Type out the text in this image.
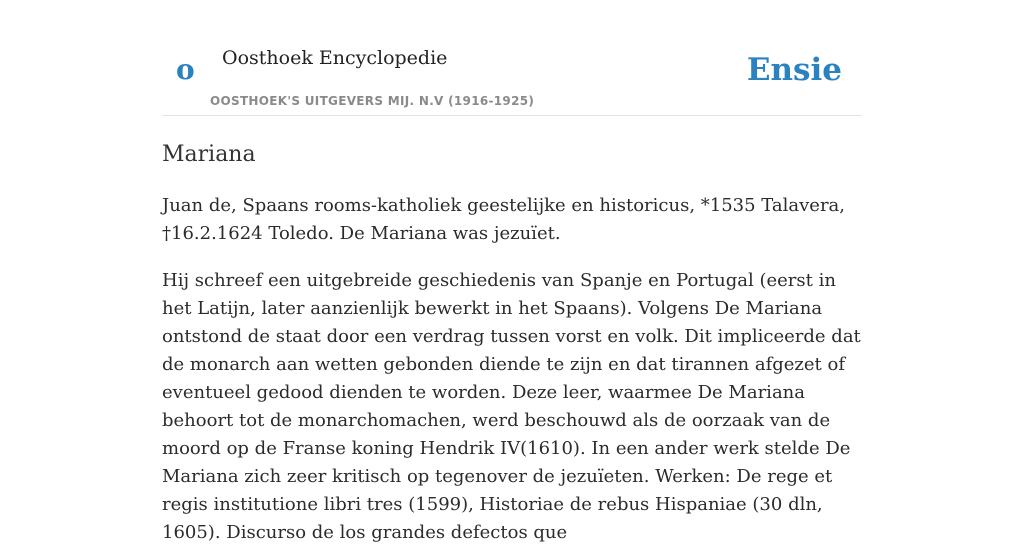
o Oosthoek Encyclopedie
OOSTHOEK'S UITGEVERS MIJ. N.V (1916-1925)
Ensie
Mariana

Juan de, Spaans rooms-katholiek geestelijke en historicus, *1535 Talavera, †16.2.1624 Toledo. De Mariana was jezuïet.

Hij schreef een uitgebreide geschiedenis van Spanje en Portugal (eerst in het Latijn, later aanzienlijk bewerkt in het Spaans). Volgens De Mariana ontstond de staat door een verdrag tussen vorst en volk. Dit impliceerde dat de monarch aan wetten gebonden diende te zijn en dat tirannen afgezet of eventueel gedood dienden te worden. Deze leer, waarmee De Mariana behoort tot de monarchomachen, werd beschouwd als de oorzaak van de moord op de Franse koning Hendrik IV(1610). In een ander werk stelde De Mariana zich zeer kritisch op tegenover de jezuïeten. Werken: De rege et regis institutione libri tres (1599), Historiae de rebus Hispaniae (30 dln, 1605). Discurso de los grandes defectos que
